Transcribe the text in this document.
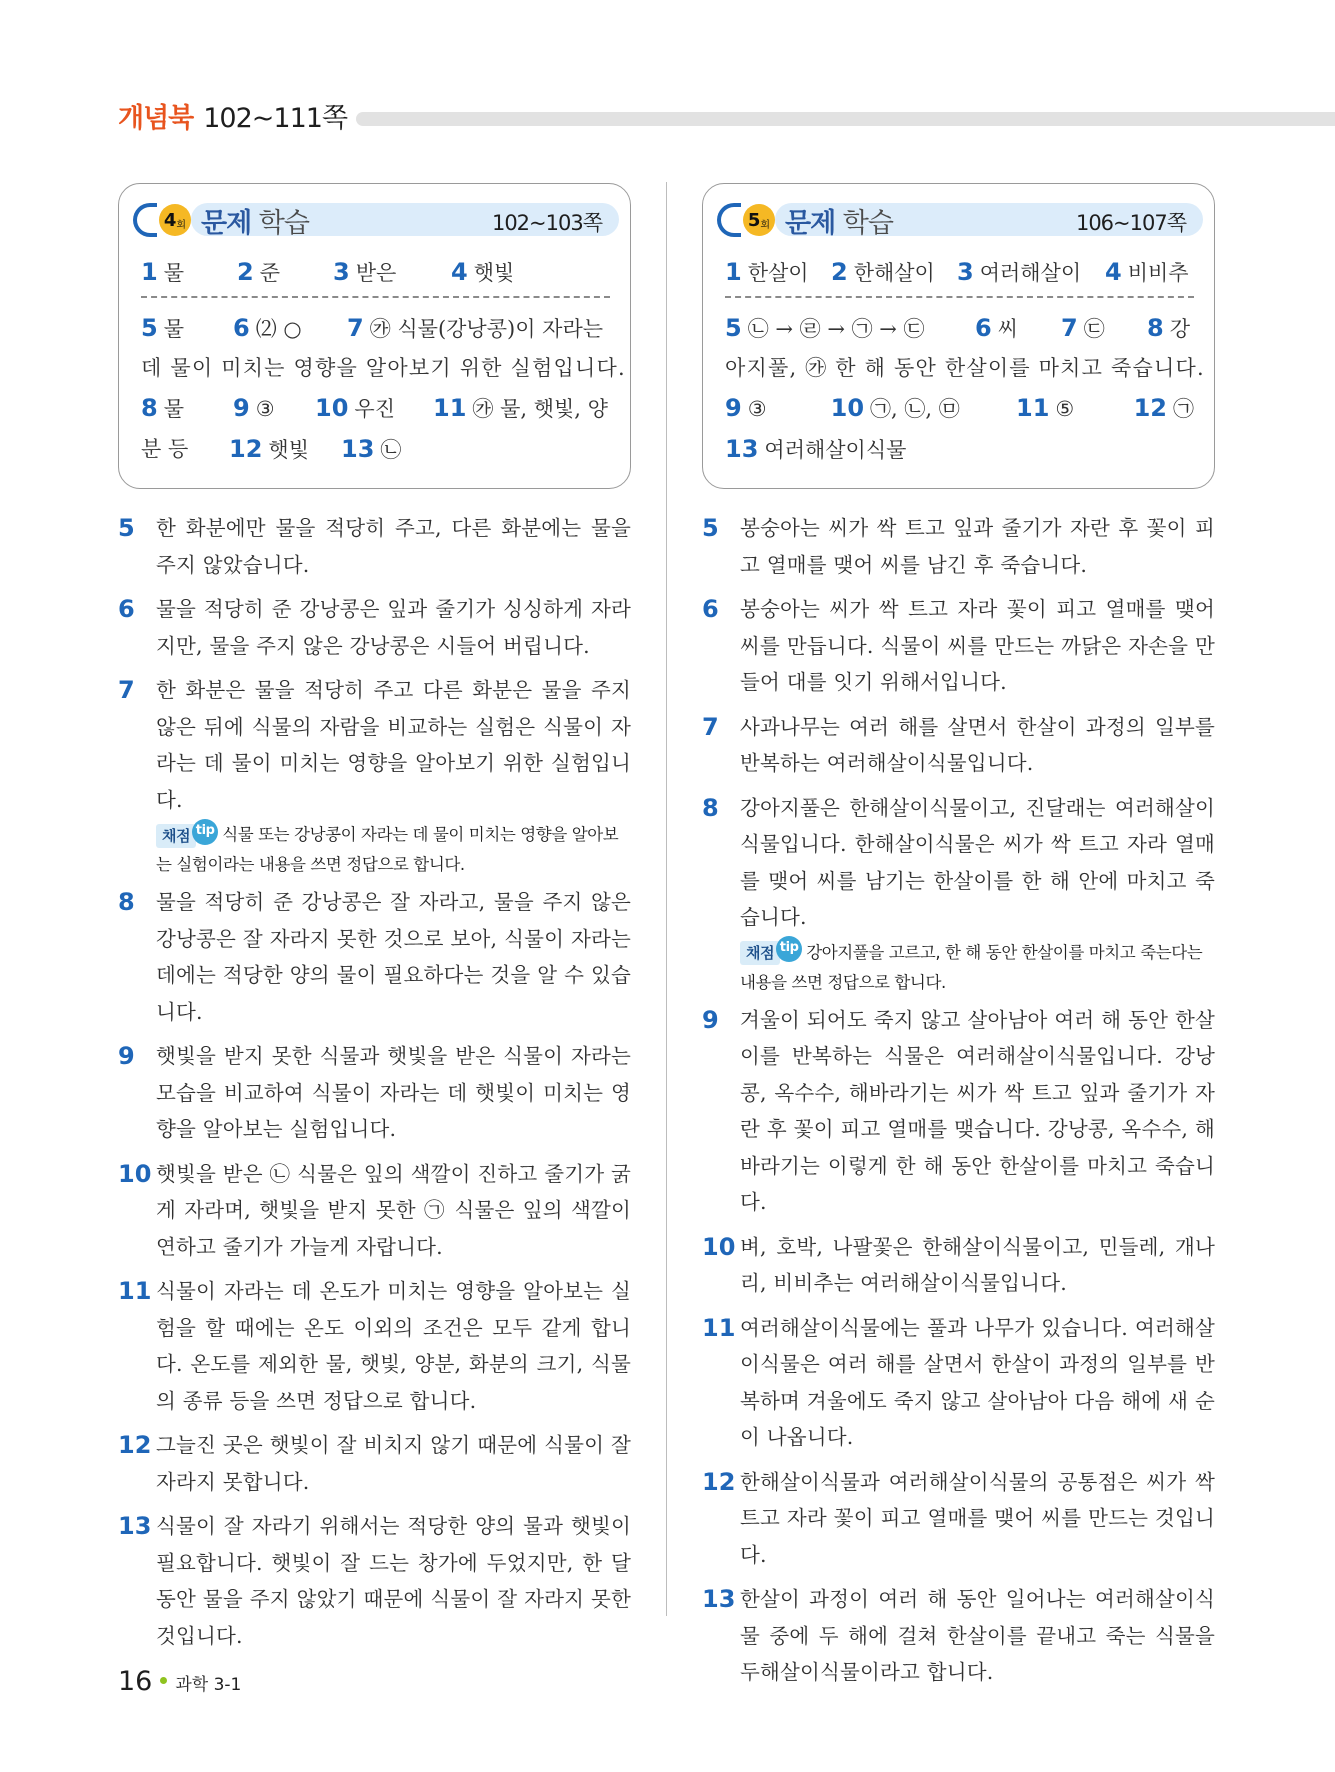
개념북 102~111쪽
4 회 문제 학습	102~103쪽
1 물 2 준 3 받은 4 햇빛
5 물 6 ⑵ ○ 7 ㉮ 식물(강낭콩)이 자라는
데 물이 미치는 영향을 알아보기 위한 실험입니다.
8 물 9 ③ 10 우진 11 ㉮ 물, 햇빛, 양
분 등	12 햇빛 13 ㉡
5	한 화분에만 물을 적당히 주고, 다른 화분에는 물을 주지 않았습니다.
6	물을 적당히 준 강낭콩은 잎과 줄기가 싱싱하게 자라지만, 물을 주지 않은 강낭콩은 시들어 버립니다.
7	한 화분은 물을 적당히 주고 다른 화분은 물을 주지 않은 뒤에 식물의 자람을 비교하는 실험은 식물이 자라는 데 물이 미치는 영향을 알아보기 위한 실험입니다.
채점 tip 식물 또는 강낭콩이 자라는 데 물이 미치는 영향을 알아보는 실험이라는 내용을 쓰면 정답으로 합니다.
8	물을 적당히 준 강낭콩은 잘 자라고, 물을 주지 않은 강낭콩은 잘 자라지 못한 것으로 보아, 식물이 자라는 데에는 적당한 양의 물이 필요하다는 것을 알 수 있습니다.
9	햇빛을 받지 못한 식물과 햇빛을 받은 식물이 자라는 모습을 비교하여 식물이 자라는 데 햇빛이 미치는 영향을 알아보는 실험입니다.
10 햇빛을 받은 ㉡ 식물은 잎의 색깔이 진하고 줄기가 굵게 자라며, 햇빛을 받지 못한 ㉠ 식물은 잎의 색깔이 연하고 줄기가 가늘게 자랍니다.
11 식물이 자라는 데 온도가 미치는 영향을 알아보는 실험을 할 때에는 온도 이외의 조건은 모두 같게 합니다. 온도를 제외한 물, 햇빛, 양분, 화분의 크기, 식물의 종류 등을 쓰면 정답으로 합니다.
12 그늘진 곳은 햇빛이 잘 비치지 않기 때문에 식물이 잘 자라지 못합니다.
13 식물이 잘 자라기 위해서는 적당한 양의 물과 햇빛이 필요합니다. 햇빛이 잘 드는 창가에 두었지만, 한 달 동안 물을 주지 않았기 때문에 식물이 잘 자라지 못한 것입니다.
5 회 문제 학습	106~107쪽
1 한살이 2 한해살이 3 여러해살이 4 비비추
5 ㉡ → ㉣ → ㉠ → ㉢ 6 씨 7 ㉢ 8 강
아지풀, ㉮ 한 해 동안 한살이를 마치고 죽습니다.
9 ③	10 ㉠, ㉡, ㉤ 11 ⑤ 12 ㉠
13 여러해살이식물
5	봉숭아는 씨가 싹 트고 잎과 줄기가 자란 후 꽃이 피고 열매를 맺어 씨를 남긴 후 죽습니다.
6	봉숭아는 씨가 싹 트고 자라 꽃이 피고 열매를 맺어 씨를 만듭니다. 식물이 씨를 만드는 까닭은 자손을 만들어 대를 잇기 위해서입니다.
7	사과나무는 여러 해를 살면서 한살이 과정의 일부를 반복하는 여러해살이식물입니다.
8	강아지풀은 한해살이식물이고, 진달래는 여러해살이식물입니다. 한해살이식물은 씨가 싹 트고 자라 열매를 맺어 씨를 남기는 한살이를 한 해 안에 마치고 죽습니다.
채점 tip 강아지풀을 고르고, 한 해 동안 한살이를 마치고 죽는다는 내용을 쓰면 정답으로 합니다.
9	겨울이 되어도 죽지 않고 살아남아 여러 해 동안 한살이를 반복하는 식물은 여러해살이식물입니다. 강낭콩, 옥수수, 해바라기는 씨가 싹 트고 잎과 줄기가 자란 후 꽃이 피고 열매를 맺습니다. 강낭콩, 옥수수, 해바라기는 이렇게 한 해 동안 한살이를 마치고 죽습니다.
10 벼, 호박, 나팔꽃은 한해살이식물이고, 민들레, 개나리, 비비추는 여러해살이식물입니다.
11 여러해살이식물에는 풀과 나무가 있습니다. 여러해살이식물은 여러 해를 살면서 한살이 과정의 일부를 반복하며 겨울에도 죽지 않고 살아남아 다음 해에 새 순이 나옵니다.
12 한해살이식물과 여러해살이식물의 공통점은 씨가 싹 트고 자라 꽃이 피고 열매를 맺어 씨를 만드는 것입니다.
13 한살이 과정이 여러 해 동안 일어나는 여러해살이식물 중에 두 해에 걸쳐 한살이를 끝내고 죽는 식물을 두해살이식물이라고 합니다.
16 과학 3-1
